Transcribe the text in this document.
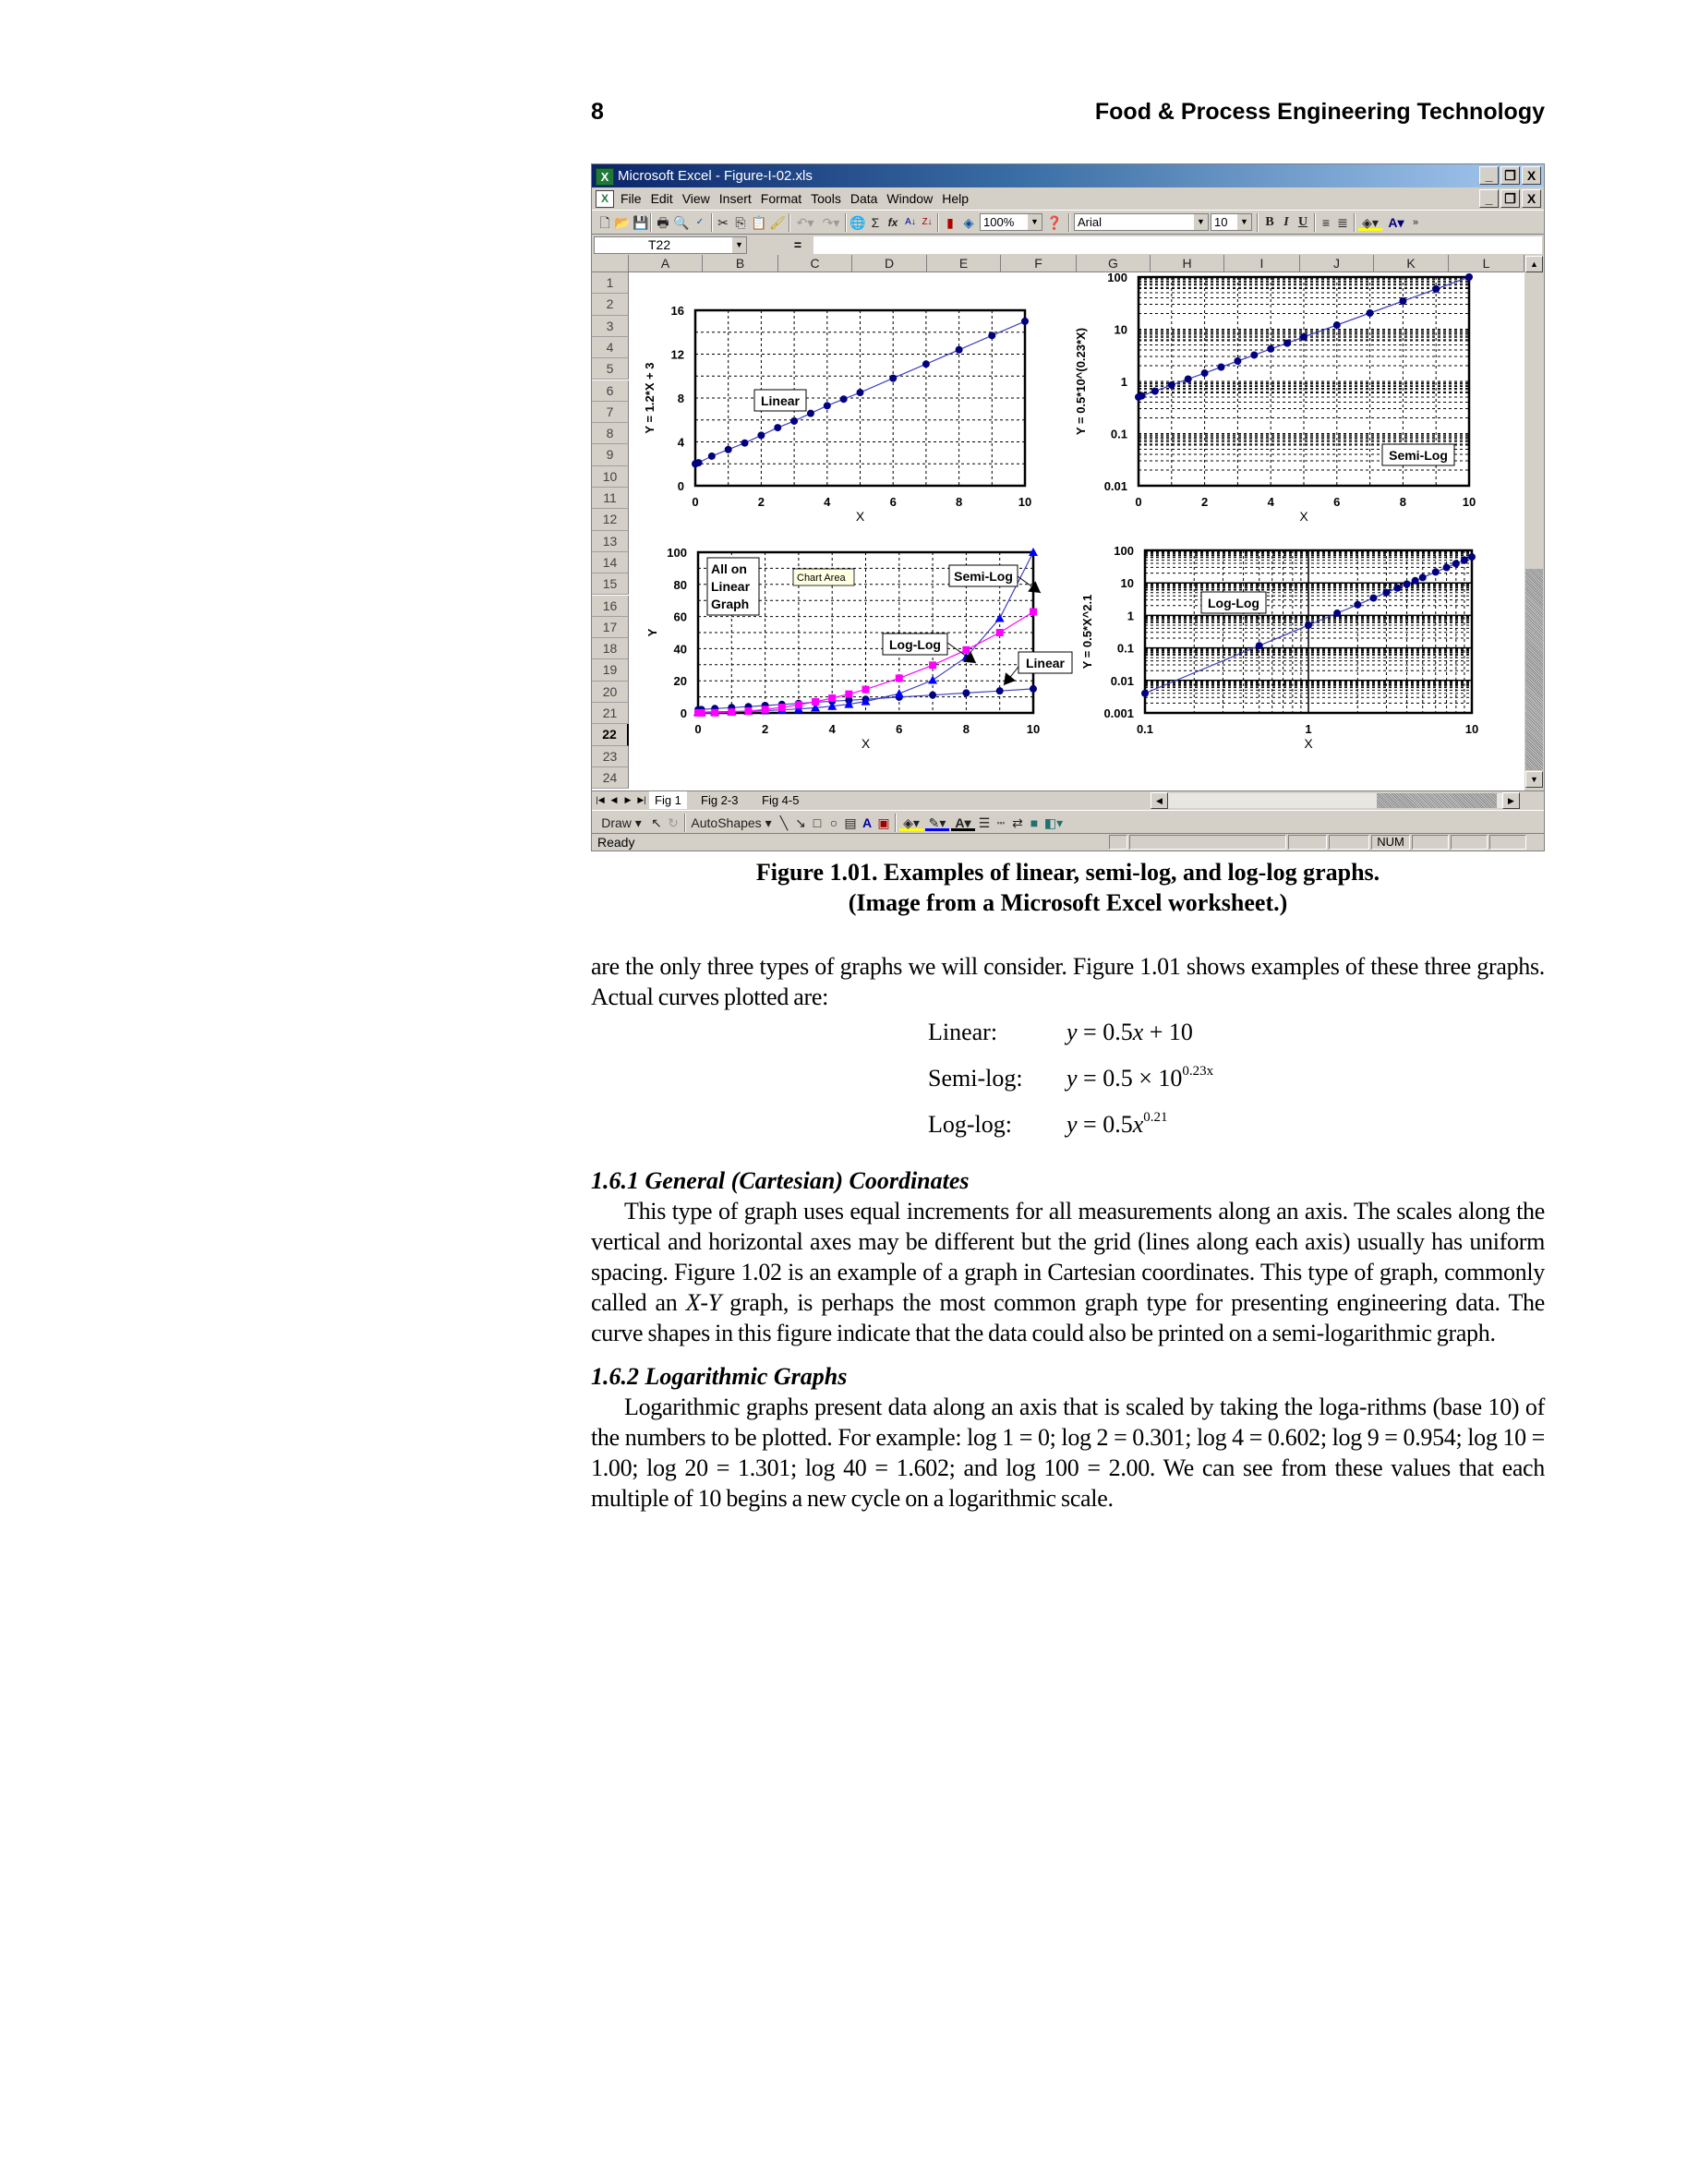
8	Food & Process Engineering Technology
X Microsoft Excel - Figure-I-02.xls	_ ❐ X
X File Edit View Insert Format Tools Data Window Help	_ ❐ X
🗋 📂 💾 🖶 🔍 ✓	✂ ⎘ 📋 🖌 ↶▾ ↷▾ 🌐 Σ fx A↓ Z↓	▮ ◈ 100%	▼ ❓	Arial	▼ 10	▼ B I U ≡ ≣ ◈▾ A▾ »
T22	▼	=
A	B	C	D	E	F	G	H	I	J	K	L
1
2
3
4
5
6
7
8
9
10
11
12
13
14
15
16
17
18
19
20
21
22
23
24
0	2	4	6	8	10
0
4
8
12
16
X
Y = 1.2*X + 3
0	2	4	6	8	10
0.01
0.1
1
10
100
X
Y = 0.5*10^(0.23*X)
0	2	4	6	8	10
0
20
40
60
80
100
X
Y
0.1	1	10
0.001
0.01
0.1
1
10
100
X
Y = 0.5*X^2.1
Linear
Semi-Log
Log-Log
All on
Linear
Graph
Semi-Log
Log-Log
Linear
Chart Area
▲
▼
|◀ ◀ ▶ ▶| Fig 1	Fig 2-3	Fig 4-5	◀	▶
Draw ▾ ↖ ↻ AutoShapes ▾ ╲ ↘ □ ○ ▤ A ▣ ◈▾ ✎▾ A▾ ☰ ┅ ⇄ ■ ◧▾
Ready	NUM
Figure 1.01. Examples of linear, semi-log, and log-log graphs.
(Image from a Microsoft Excel worksheet.)

are the only three types of graphs we will consider. Figure 1.01 shows examples of these three graphs. Actual curves plotted are:

Linear:	y = 0.5x + 10
Semi-log: $y = 0.5 \times 10^{0.23x}$
Log-log: $y = 0.5x^{0.21}$
1.6.1 General (Cartesian) Coordinates

This type of graph uses equal increments for all measurements along an axis. The scales along the vertical and horizontal axes may be different but the grid (lines along each axis) usually has uniform spacing. Figure 1.02 is an example of a graph in Cartesian coordinates. This type of graph, commonly called an X-Y graph, is perhaps the most common graph type for presenting engineering data. The curve shapes in this figure indicate that the data could also be printed on a semi-logarithmic graph.

1.6.2 Logarithmic Graphs

Logarithmic graphs present data along an axis that is scaled by taking the loga-rithms (base 10) of the numbers to be plotted. For example: log 1 = 0; log 2 = 0.301; log 4 = 0.602; log 9 = 0.954; log 10 = 1.00; log 20 = 1.301; log 40 = 1.602; and log 100 = 2.00. We can see from these values that each multiple of 10 begins a new cycle on a logarithmic scale.
